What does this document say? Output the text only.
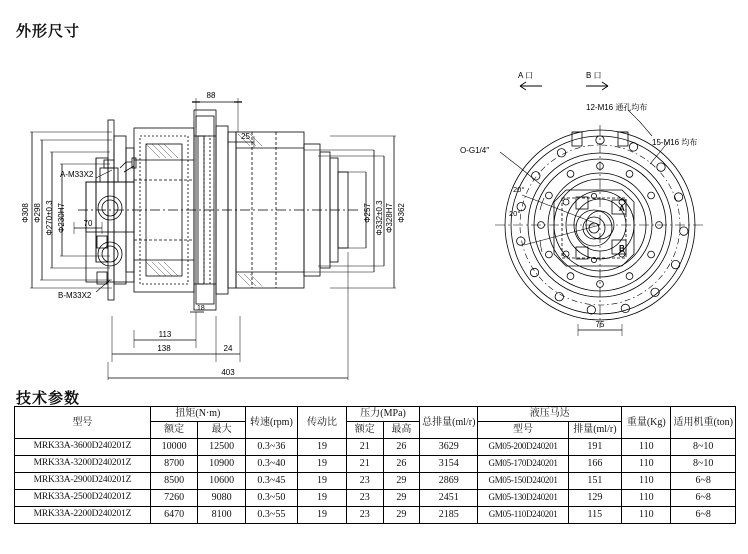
外形尺寸
技术参数
88
25
113
138	24
403
18
70
Φ308 Φ298 Φ270±0.3 Φ230H7	Φ257 Φ332±0.3 Φ328H7 Φ362
A-M33X2
B-M33X2
A 口	B 口
12-M16 通孔均布
15-M16 均布
O-G1/4″
20°
20°
75
A
B
型号	扭矩(N·m)		转速(rpm)	传动比	压力(MPa)		总排量(ml/r)	液压马达		重量(Kg)	适用机重(ton)
	额定	最大			额定	最高		型号	排量(ml/r)		
MRK33A-3600D240201Z	10000	12500	0.3~36	19	21	26	3629	GM05-200D240201	191	110	8~10
MRK33A-3200D240201Z	8700	10900	0.3~40	19	21	26	3154	GM05-170D240201	166	110	8~10
MRK33A-2900D240201Z	8500	10600	0.3~45	19	23	29	2869	GM05-150D240201	151	110	6~8
MRK33A-2500D240201Z	7260	9080	0.3~50	19	23	29	2451	GM05-130D240201	129	110	6~8
MRK33A-2200D240201Z	6470	8100	0.3~55	19	23	29	2185	GM05-110D240201	115	110	6~8
